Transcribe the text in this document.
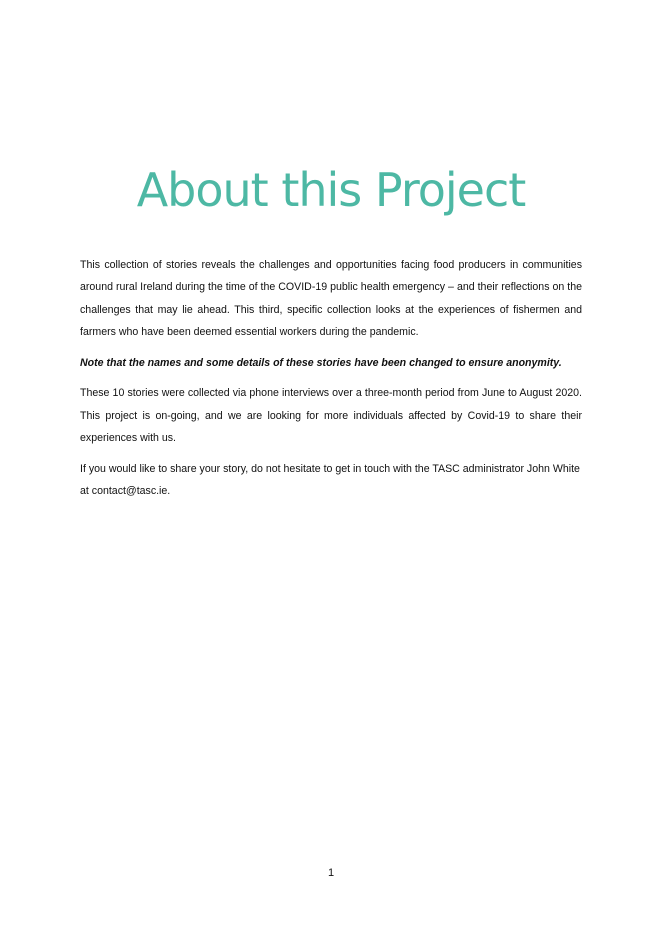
About this Project

This collection of stories reveals the challenges and opportunities facing food producers in communities around rural Ireland during the time of the COVID-19 public health emergency – and their reflections on the challenges that may lie ahead. This third, specific collection looks at the experiences of fishermen and farmers who have been deemed essential workers during the pandemic.

Note that the names and some details of these stories have been changed to ensure anonymity.

These 10 stories were collected via phone interviews over a three-month period from June to August 2020. This project is on-going, and we are looking for more individuals affected by Covid-19 to share their experiences with us.

If you would like to share your story, do not hesitate to get in touch with the TASC administrator John White at contact@tasc.ie.

1
